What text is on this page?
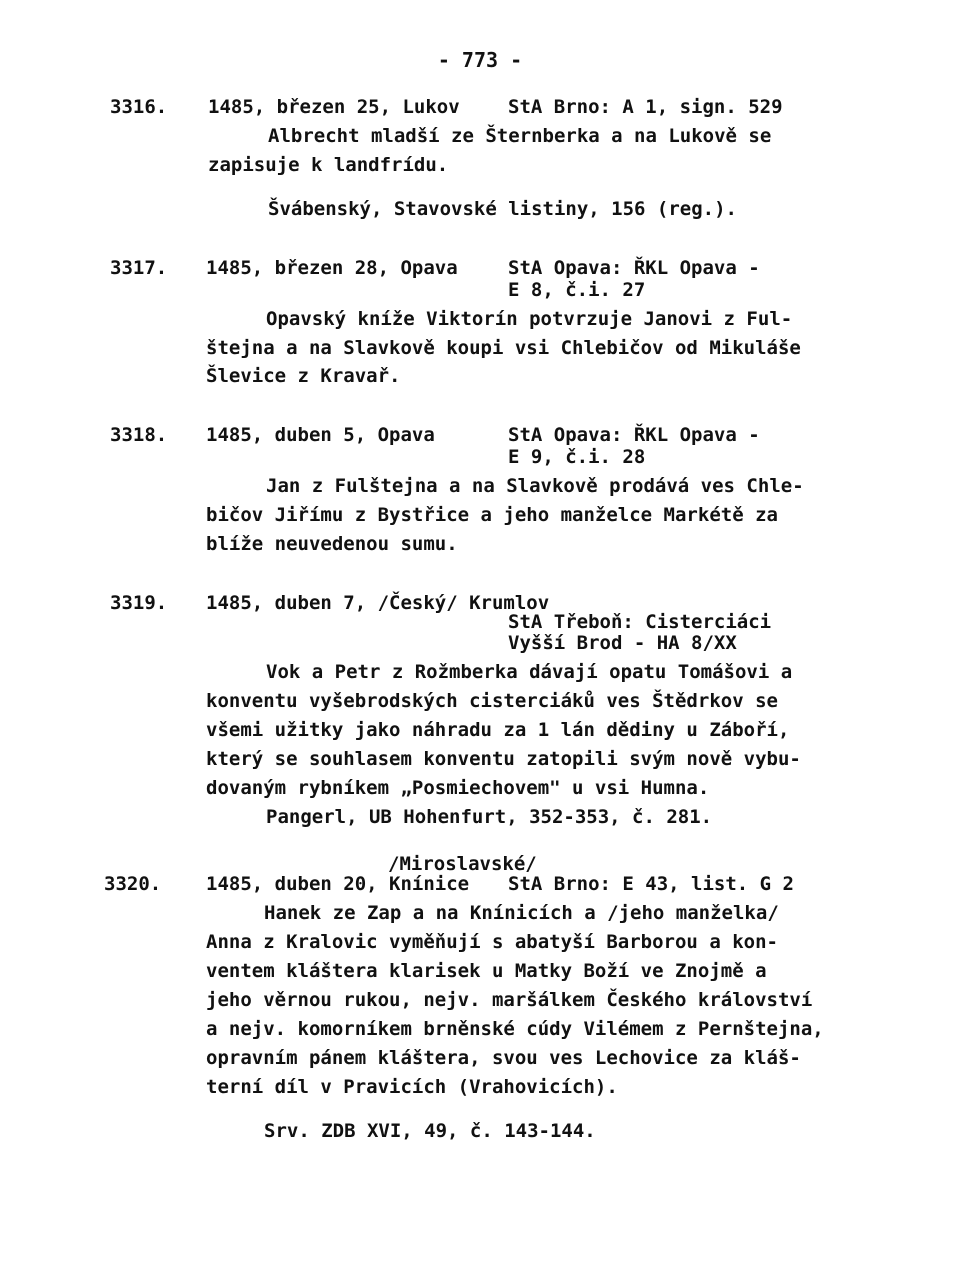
- 773 -
3316. 1485, březen 25, Lukov	StA Brno: A 1, sign. 529
Albrecht mladší ze Šternberka a na Lukově se
zapisuje k landfrídu.
Švábenský, Stavovské listiny, 156 (reg.).
3317. 1485, březen 28, Opava	StA Opava: ŘKL Opava -
E 8, č.i. 27
Opavský kníže Viktorín potvrzuje Janovi z Ful-
štejna a na Slavkově koupi vsi Chlebičov od Mikuláše
Šlevice z Kravař.
3318. 1485, duben 5, Opava	StA Opava: ŘKL Opava -
E 9, č.i. 28
Jan z Fulštejna a na Slavkově prodává ves Chle-
bičov Jiřímu z Bystřice a jeho manželce Markétě za
blíže neuvedenou sumu.
3319. 1485, duben 7, /Český/ Krumlov
StA Třeboň: Cisterciáci
Vyšší Brod - HA 8/XX
Vok a Petr z Rožmberka dávají opatu Tomášovi a
konventu vyšebrodských cisterciáků ves Štědrkov se
všemi užitky jako náhradu za 1 lán dědiny u Záboří,
který se souhlasem konventu zatopili svým nově vybu-
dovaným rybníkem „Posmiechovem" u vsi Humna.
Pangerl, UB Hohenfurt, 352-353, č. 281.
/Miroslavské/
3320. 1485, duben 20, Knínice StA Brno: E 43, list. G 2
Hanek ze Zap a na Knínicích a /jeho manželka/
Anna z Kralovic vyměňují s abatyší Barborou a kon-
ventem kláštera klarisek u Matky Boží ve Znojmě a
jeho věrnou rukou, nejv. maršálkem Českého království
a nejv. komorníkem brněnské cúdy Vilémem z Pernštejna,
opravním pánem kláštera, svou ves Lechovice za kláš-
terní díl v Pravicích (Vrahovicích).
Srv. ZDB XVI, 49, č. 143-144.
